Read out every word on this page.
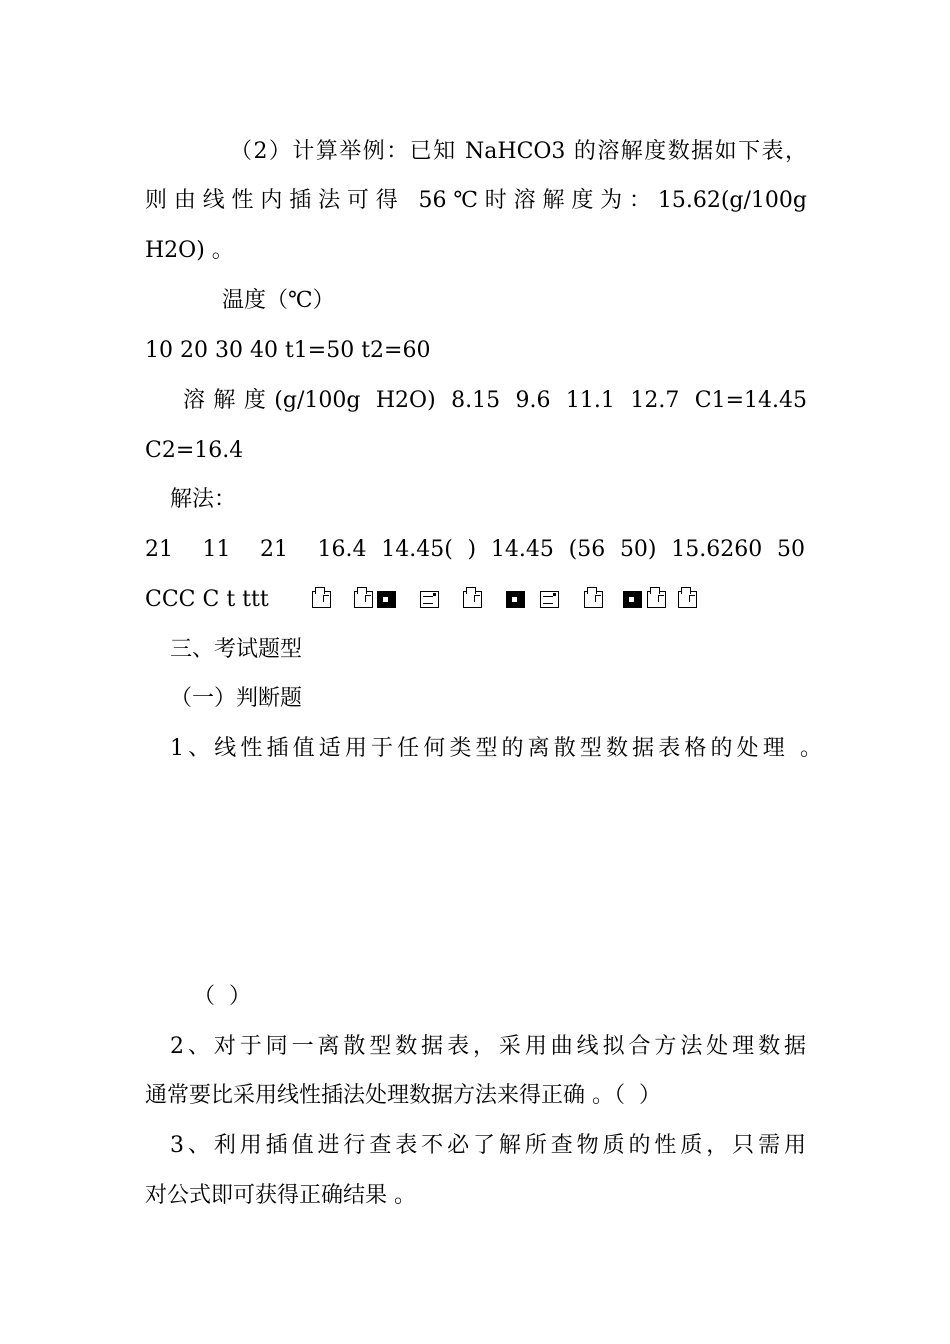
（2）计算举例：已知 NaHCO3 的溶解度数据如下表，
则由线性内插法可得 56℃时溶解度为：15.62(g/100g
H2O) 。
温度（℃）
10 20 30 40 t1=50 t2=60
溶解度(g/100g H2O) 8.15 9.6 11.1 12.7 C1=14.45
C2=16.4
解法：
21  11  21  16.4 14.45( ) 14.45 (56 50) 15.6260 50
CCC C t ttt
三、考试题型
（一）判断题
1、线性插值适用于任何类型的离散型数据表格的处理 。
（  ）
2、对于同一离散型数据表，采用曲线拟合方法处理数据
通常要比采用线性插法处理数据方法来得正确 。（  ）
3、利用插值进行查表不必了解所查物质的性质，只需用
对公式即可获得正确结果 。
